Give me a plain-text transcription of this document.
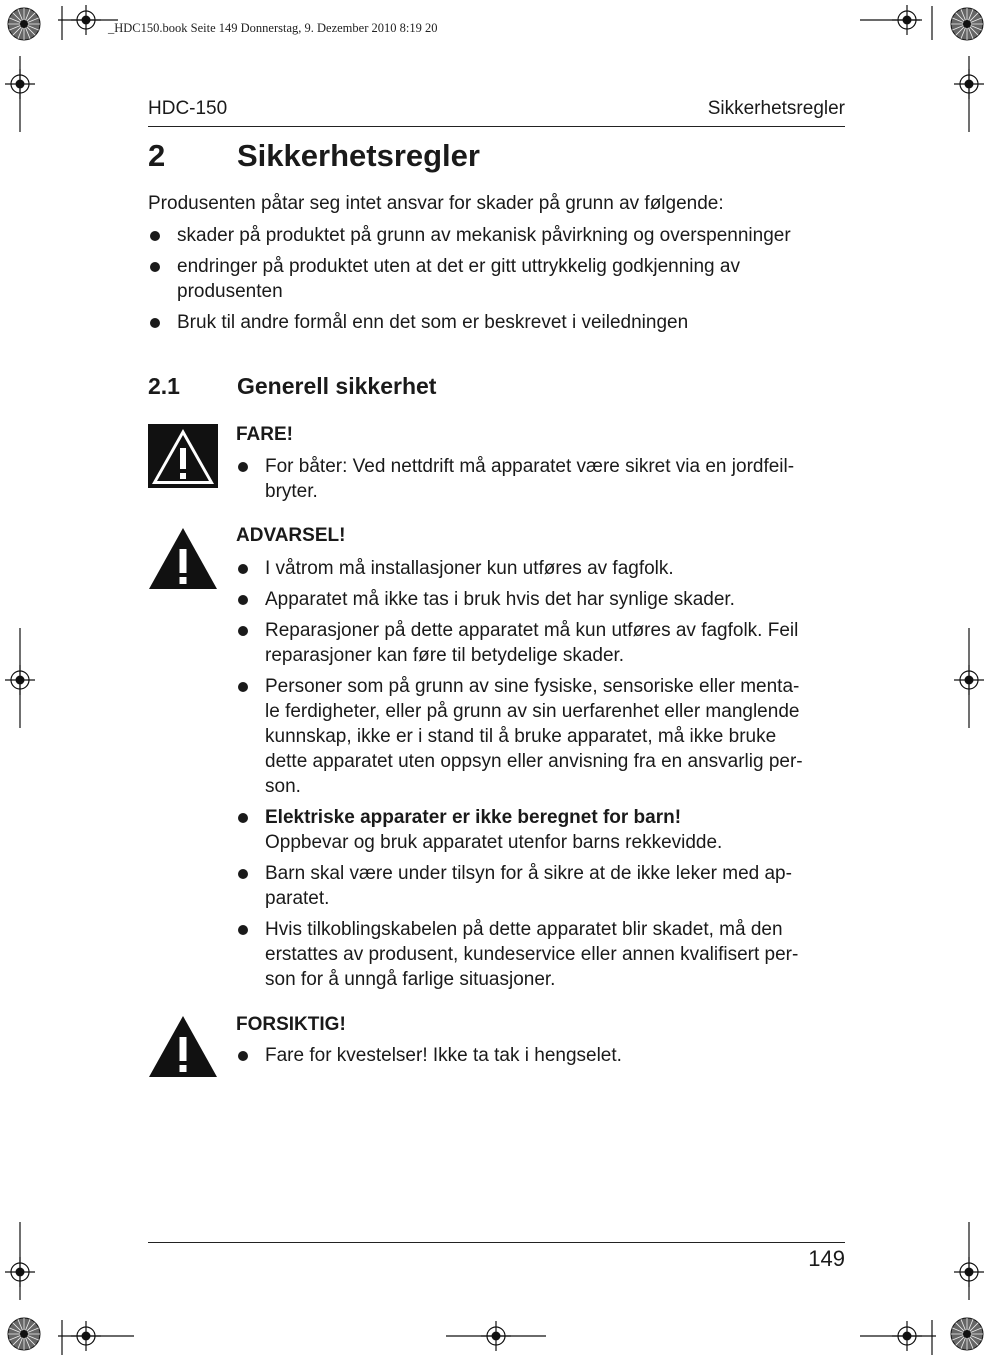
_HDC150.book Seite 149 Donnerstag, 9. Dezember 2010 8:19 20
HDC-150	Sikkerhetsregler
2 Sikkerhetsregler
Produsenten påtar seg intet ansvar for skader på grunn av følgende:
skader på produktet på grunn av mekanisk påvirkning og overspenninger
endringer på produktet uten at det er gitt uttrykkelig godkjenning av
produsenten
Bruk til andre formål enn det som er beskrevet i veiledningen
2.1 Generell sikkerhet
FARE!
For båter: Ved nettdrift må apparatet være sikret via en jordfeil-
bryter.
ADVARSEL!
I våtrom må installasjoner kun utføres av fagfolk.
Apparatet må ikke tas i bruk hvis det har synlige skader.
Reparasjoner på dette apparatet må kun utføres av fagfolk. Feil
reparasjoner kan føre til betydelige skader.
Personer som på grunn av sine fysiske, sensoriske eller menta-
le ferdigheter, eller på grunn av sin uerfarenhet eller manglende
kunnskap, ikke er i stand til å bruke apparatet, må ikke bruke
dette apparatet uten oppsyn eller anvisning fra en ansvarlig per-
son.
Elektriske apparater er ikke beregnet for barn!
Oppbevar og bruk apparatet utenfor barns rekkevidde.
Barn skal være under tilsyn for å sikre at de ikke leker med ap-
paratet.
Hvis tilkoblingskabelen på dette apparatet blir skadet, må den
erstattes av produsent, kundeservice eller annen kvalifisert per-
son for å unngå farlige situasjoner.
FORSIKTIG!
Fare for kvestelser! Ikke ta tak i hengselet.
149
